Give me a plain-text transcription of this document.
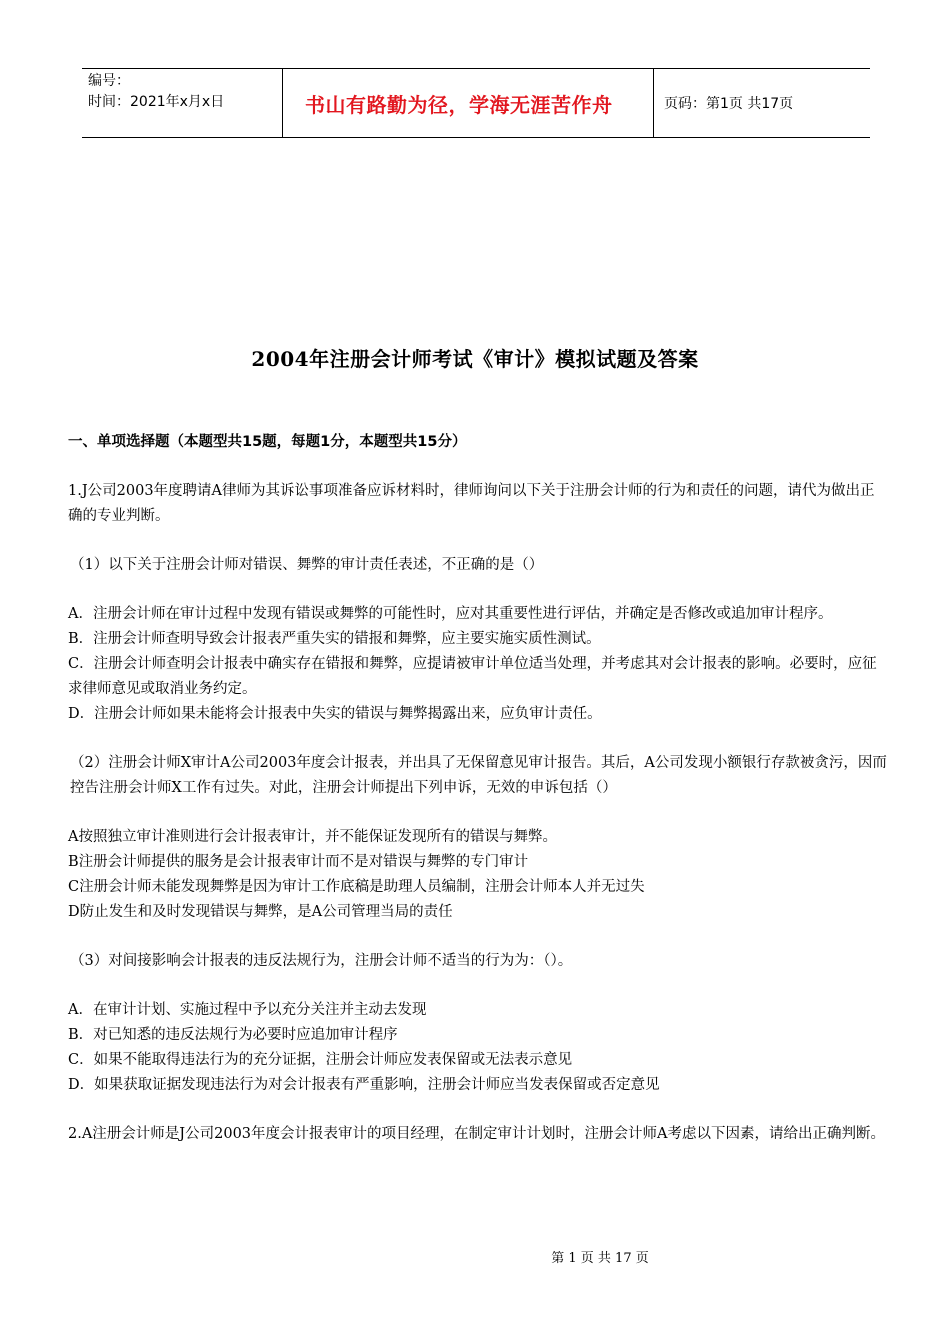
编号：
时间：2021年x月x日	书山有路勤为径，学海无涯苦作舟	页码：第1页 共17页
2004年注册会计师考试《审计》模拟试题及答案

一、单项选择题（本题型共15题，每题1分，本题型共15分）

1.J公司2003年度聘请A律师为其诉讼事项准备应诉材料时，律师询问以下关于注册会计师的行为和责任的问题，请代为做出正确的专业判断。

（1）以下关于注册会计师对错误、舞弊的审计责任表述，不正确的是（）

A．注册会计师在审计过程中发现有错误或舞弊的可能性时，应对其重要性进行评估，并确定是否修改或追加审计程序。

B．注册会计师查明导致会计报表严重失实的错报和舞弊，应主要实施实质性测试。

C．注册会计师查明会计报表中确实存在错报和舞弊，应提请被审计单位适当处理，并考虑其对会计报表的影响。必要时，应征求律师意见或取消业务约定。

D．注册会计师如果未能将会计报表中失实的错误与舞弊揭露出来，应负审计责任。

（2）注册会计师X审计A公司2003年度会计报表，并出具了无保留意见审计报告。其后，A公司发现小额银行存款被贪污，因而控告注册会计师X工作有过失。对此，注册会计师提出下列申诉，无效的申诉包括（）

A按照独立审计准则进行会计报表审计，并不能保证发现所有的错误与舞弊。

B注册会计师提供的服务是会计报表审计而不是对错误与舞弊的专门审计

C注册会计师未能发现舞弊是因为审计工作底稿是助理人员编制，注册会计师本人并无过失

D防止发生和及时发现错误与舞弊，是A公司管理当局的责任

（3）对间接影响会计报表的违反法规行为，注册会计师不适当的行为为：（）。

A．在审计计划、实施过程中予以充分关注并主动去发现

B．对已知悉的违反法规行为必要时应追加审计程序

C．如果不能取得违法行为的充分证据，注册会计师应发表保留或无法表示意见

D．如果获取证据发现违法行为对会计报表有严重影响，注册会计师应当发表保留或否定意见

2.A注册会计师是J公司2003年度会计报表审计的项目经理，在制定审计计划时，注册会计师A考虑以下因素，请给出正确判断。

第 1 页 共 17 页
